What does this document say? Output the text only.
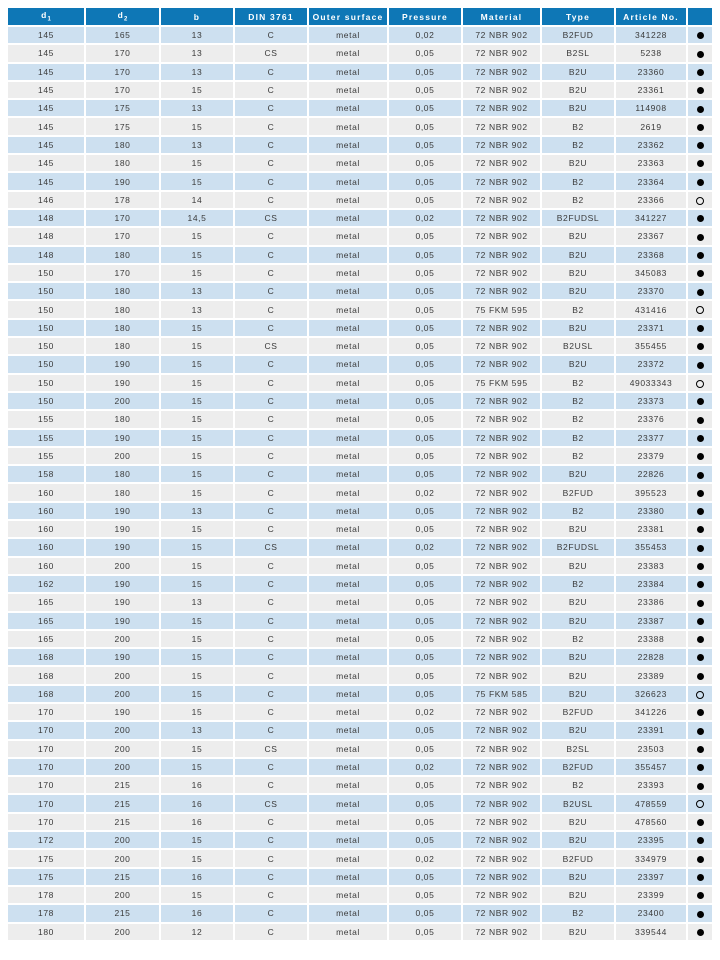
$d_1$	$d_2$	b	DIN 3761	Outer surface	Pressure	Material	Type	Article No.	
145	165	13	C	metal	0,02	72 NBR 902	B2FUD	341228	
145	170	13	CS	metal	0,05	72 NBR 902	B2SL	5238	
145	170	13	C	metal	0,05	72 NBR 902	B2U	23360	
145	170	15	C	metal	0,05	72 NBR 902	B2U	23361	
145	175	13	C	metal	0,05	72 NBR 902	B2U	114908	
145	175	15	C	metal	0,05	72 NBR 902	B2	2619	
145	180	13	C	metal	0,05	72 NBR 902	B2	23362	
145	180	15	C	metal	0,05	72 NBR 902	B2U	23363	
145	190	15	C	metal	0,05	72 NBR 902	B2	23364	
146	178	14	C	metal	0,05	72 NBR 902	B2	23366	
148	170	14,5	CS	metal	0,02	72 NBR 902	B2FUDSL	341227	
148	170	15	C	metal	0,05	72 NBR 902	B2U	23367	
148	180	15	C	metal	0,05	72 NBR 902	B2U	23368	
150	170	15	C	metal	0,05	72 NBR 902	B2U	345083	
150	180	13	C	metal	0,05	72 NBR 902	B2U	23370	
150	180	13	C	metal	0,05	75 FKM 595	B2	431416	
150	180	15	C	metal	0,05	72 NBR 902	B2U	23371	
150	180	15	CS	metal	0,05	72 NBR 902	B2USL	355455	
150	190	15	C	metal	0,05	72 NBR 902	B2U	23372	
150	190	15	C	metal	0,05	75 FKM 595	B2	49033343	
150	200	15	C	metal	0,05	72 NBR 902	B2	23373	
155	180	15	C	metal	0,05	72 NBR 902	B2	23376	
155	190	15	C	metal	0,05	72 NBR 902	B2	23377	
155	200	15	C	metal	0,05	72 NBR 902	B2	23379	
158	180	15	C	metal	0,05	72 NBR 902	B2U	22826	
160	180	15	C	metal	0,02	72 NBR 902	B2FUD	395523	
160	190	13	C	metal	0,05	72 NBR 902	B2	23380	
160	190	15	C	metal	0,05	72 NBR 902	B2U	23381	
160	190	15	CS	metal	0,02	72 NBR 902	B2FUDSL	355453	
160	200	15	C	metal	0,05	72 NBR 902	B2U	23383	
162	190	15	C	metal	0,05	72 NBR 902	B2	23384	
165	190	13	C	metal	0,05	72 NBR 902	B2U	23386	
165	190	15	C	metal	0,05	72 NBR 902	B2U	23387	
165	200	15	C	metal	0,05	72 NBR 902	B2	23388	
168	190	15	C	metal	0,05	72 NBR 902	B2U	22828	
168	200	15	C	metal	0,05	72 NBR 902	B2U	23389	
168	200	15	C	metal	0,05	75 FKM 585	B2U	326623	
170	190	15	C	metal	0,02	72 NBR 902	B2FUD	341226	
170	200	13	C	metal	0,05	72 NBR 902	B2U	23391	
170	200	15	CS	metal	0,05	72 NBR 902	B2SL	23503	
170	200	15	C	metal	0,02	72 NBR 902	B2FUD	355457	
170	215	16	C	metal	0,05	72 NBR 902	B2	23393	
170	215	16	CS	metal	0,05	72 NBR 902	B2USL	478559	
170	215	16	C	metal	0,05	72 NBR 902	B2U	478560	
172	200	15	C	metal	0,05	72 NBR 902	B2U	23395	
175	200	15	C	metal	0,02	72 NBR 902	B2FUD	334979	
175	215	16	C	metal	0,05	72 NBR 902	B2U	23397	
178	200	15	C	metal	0,05	72 NBR 902	B2U	23399	
178	215	16	C	metal	0,05	72 NBR 902	B2	23400	
180	200	12	C	metal	0,05	72 NBR 902	B2U	339544	
